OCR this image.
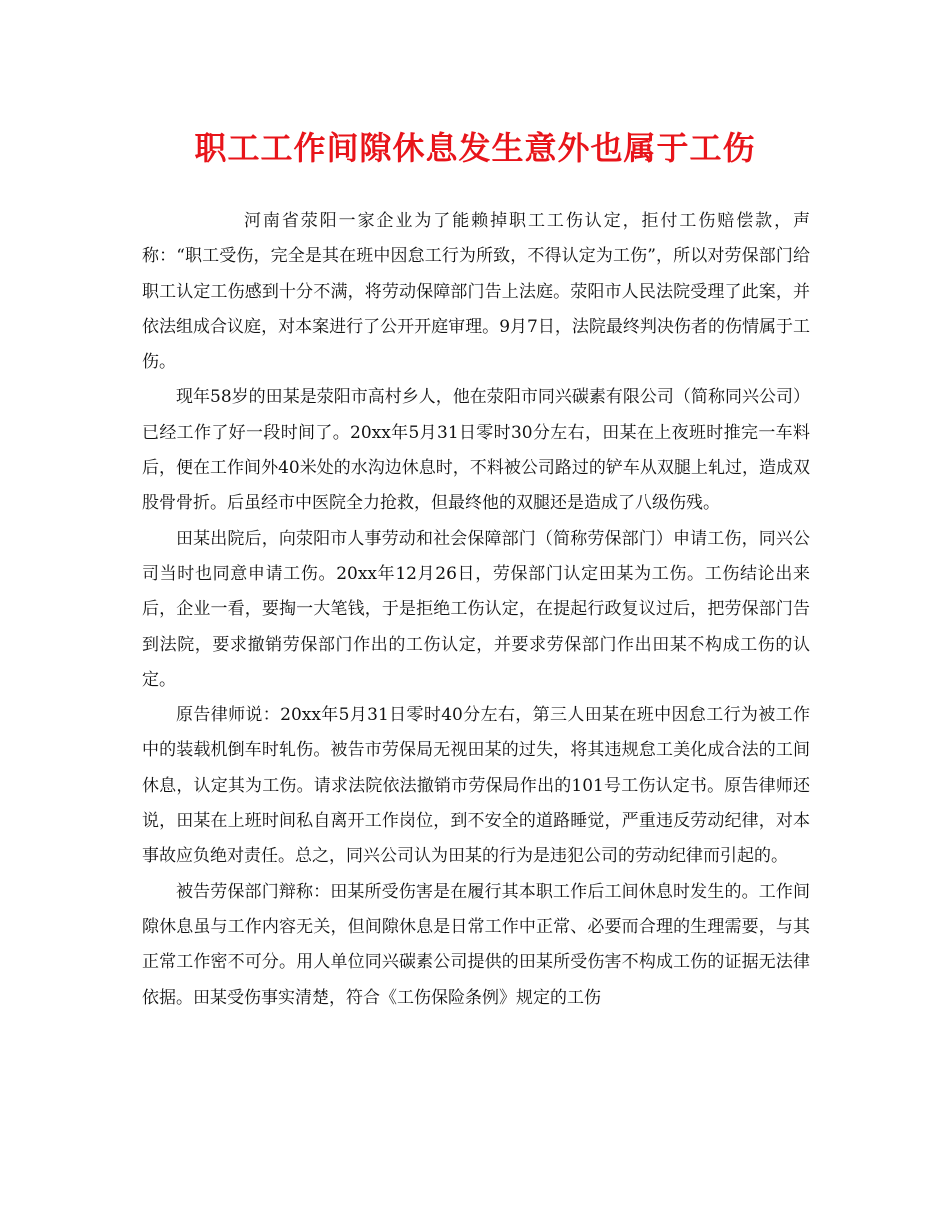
职工工作间隙休息发生意外也属于工伤

河南省荥阳一家企业为了能赖掉职工工伤认定，拒付工伤赔偿款，声称：“职工受伤，完全是其在班中因怠工行为所致，不得认定为工伤”，所以对劳保部门给职工认定工伤感到十分不满，将劳动保障部门告上法庭。荥阳市人民法院受理了此案，并依法组成合议庭，对本案进行了公开开庭审理。9月7日，法院最终判决伤者的伤情属于工伤。

现年58岁的田某是荥阳市高村乡人，他在荥阳市同兴碳素有限公司（简称同兴公司）已经工作了好一段时间了。20xx年5月31日零时30分左右，田某在上夜班时推完一车料后，便在工作间外40米处的水沟边休息时，不料被公司路过的铲车从双腿上轧过，造成双股骨骨折。后虽经市中医院全力抢救，但最终他的双腿还是造成了八级伤残。

田某出院后，向荥阳市人事劳动和社会保障部门（简称劳保部门）申请工伤，同兴公司当时也同意申请工伤。20xx年12月26日，劳保部门认定田某为工伤。工伤结论出来后，企业一看，要掏一大笔钱，于是拒绝工伤认定，在提起行政复议过后，把劳保部门告到法院，要求撤销劳保部门作出的工伤认定，并要求劳保部门作出田某不构成工伤的认定。

原告律师说：20xx年5月31日零时40分左右，第三人田某在班中因怠工行为被工作中的装载机倒车时轧伤。被告市劳保局无视田某的过失，将其违规怠工美化成合法的工间休息，认定其为工伤。请求法院依法撤销市劳保局作出的101号工伤认定书。原告律师还说，田某在上班时间私自离开工作岗位，到不安全的道路睡觉，严重违反劳动纪律，对本事故应负绝对责任。总之，同兴公司认为田某的行为是违犯公司的劳动纪律而引起的。

被告劳保部门辩称：田某所受伤害是在履行其本职工作后工间休息时发生的。工作间隙休息虽与工作内容无关，但间隙休息是日常工作中正常、必要而合理的生理需要，与其正常工作密不可分。用人单位同兴碳素公司提供的田某所受伤害不构成工伤的证据无法律依据。田某受伤事实清楚，符合《工伤保险条例》规定的工伤
